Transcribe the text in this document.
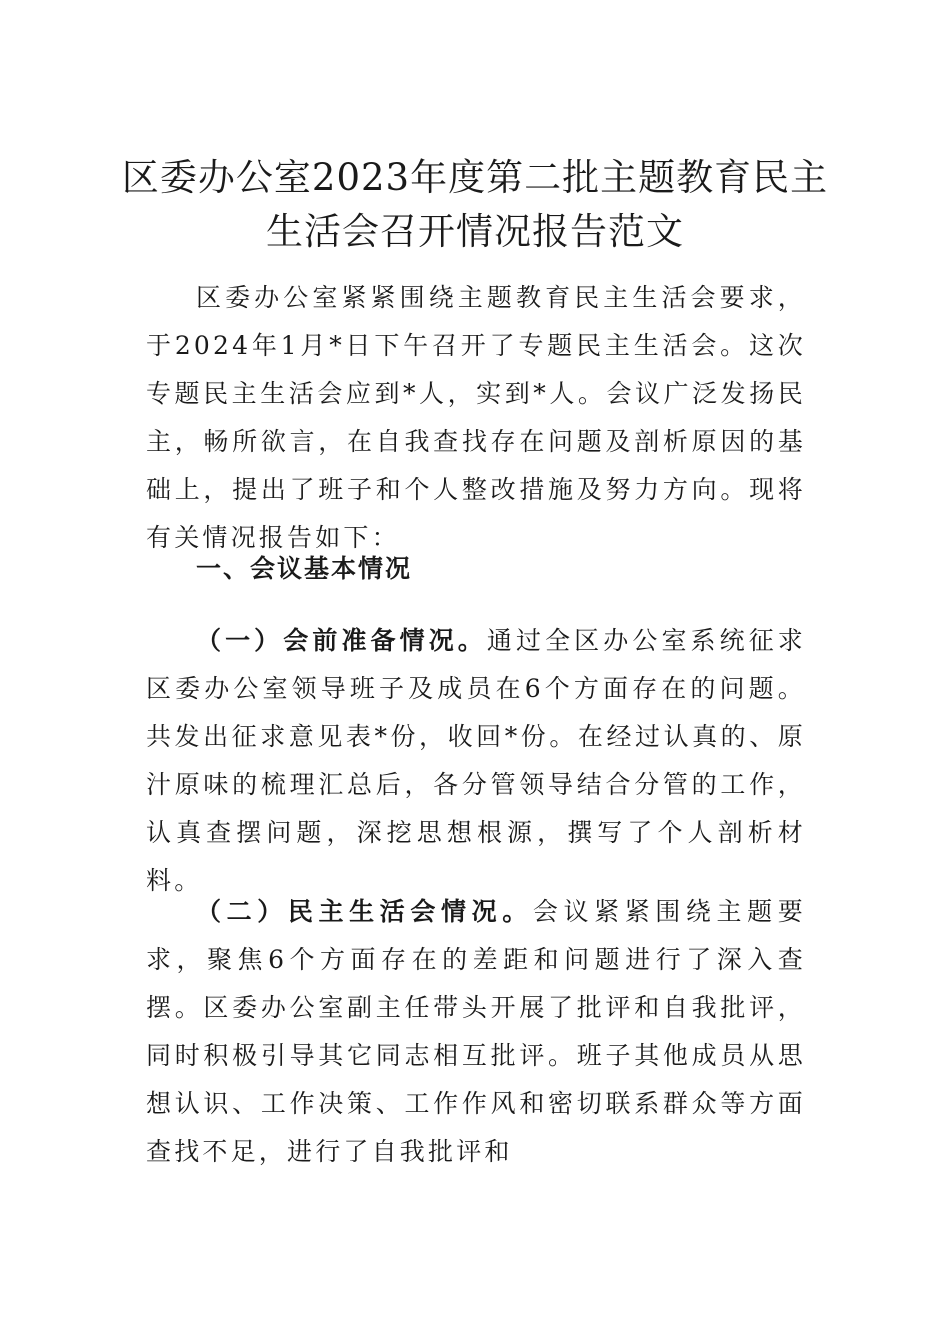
区委办公室2023年度第二批主题教育民主
生活会召开情况报告范文

区委办公室紧紧围绕主题教育民主生活会要求，于2024年1月*日下午召开了专题民主生活会。这次专题民主生活会应到*人，实到*人。会议广泛发扬民主，畅所欲言，在自我查找存在问题及剖析原因的基础上，提出了班子和个人整改措施及努力方向。现将有关情况报告如下：

一、会议基本情况

（一）会前准备情况。通过全区办公室系统征求区委办公室领导班子及成员在6个方面存在的问题。共发出征求意见表*份，收回*份。在经过认真的、原汁原味的梳理汇总后，各分管领导结合分管的工作，认真查摆问题，深挖思想根源，撰写了个人剖析材料。

（二）民主生活会情况。会议紧紧围绕主题要求，聚焦6个方面存在的差距和问题进行了深入查摆。区委办公室副主任带头开展了批评和自我批评，同时积极引导其它同志相互批评。班子其他成员从思想认识、工作决策、工作作风和密切联系群众等方面查找不足，进行了自我批评和
